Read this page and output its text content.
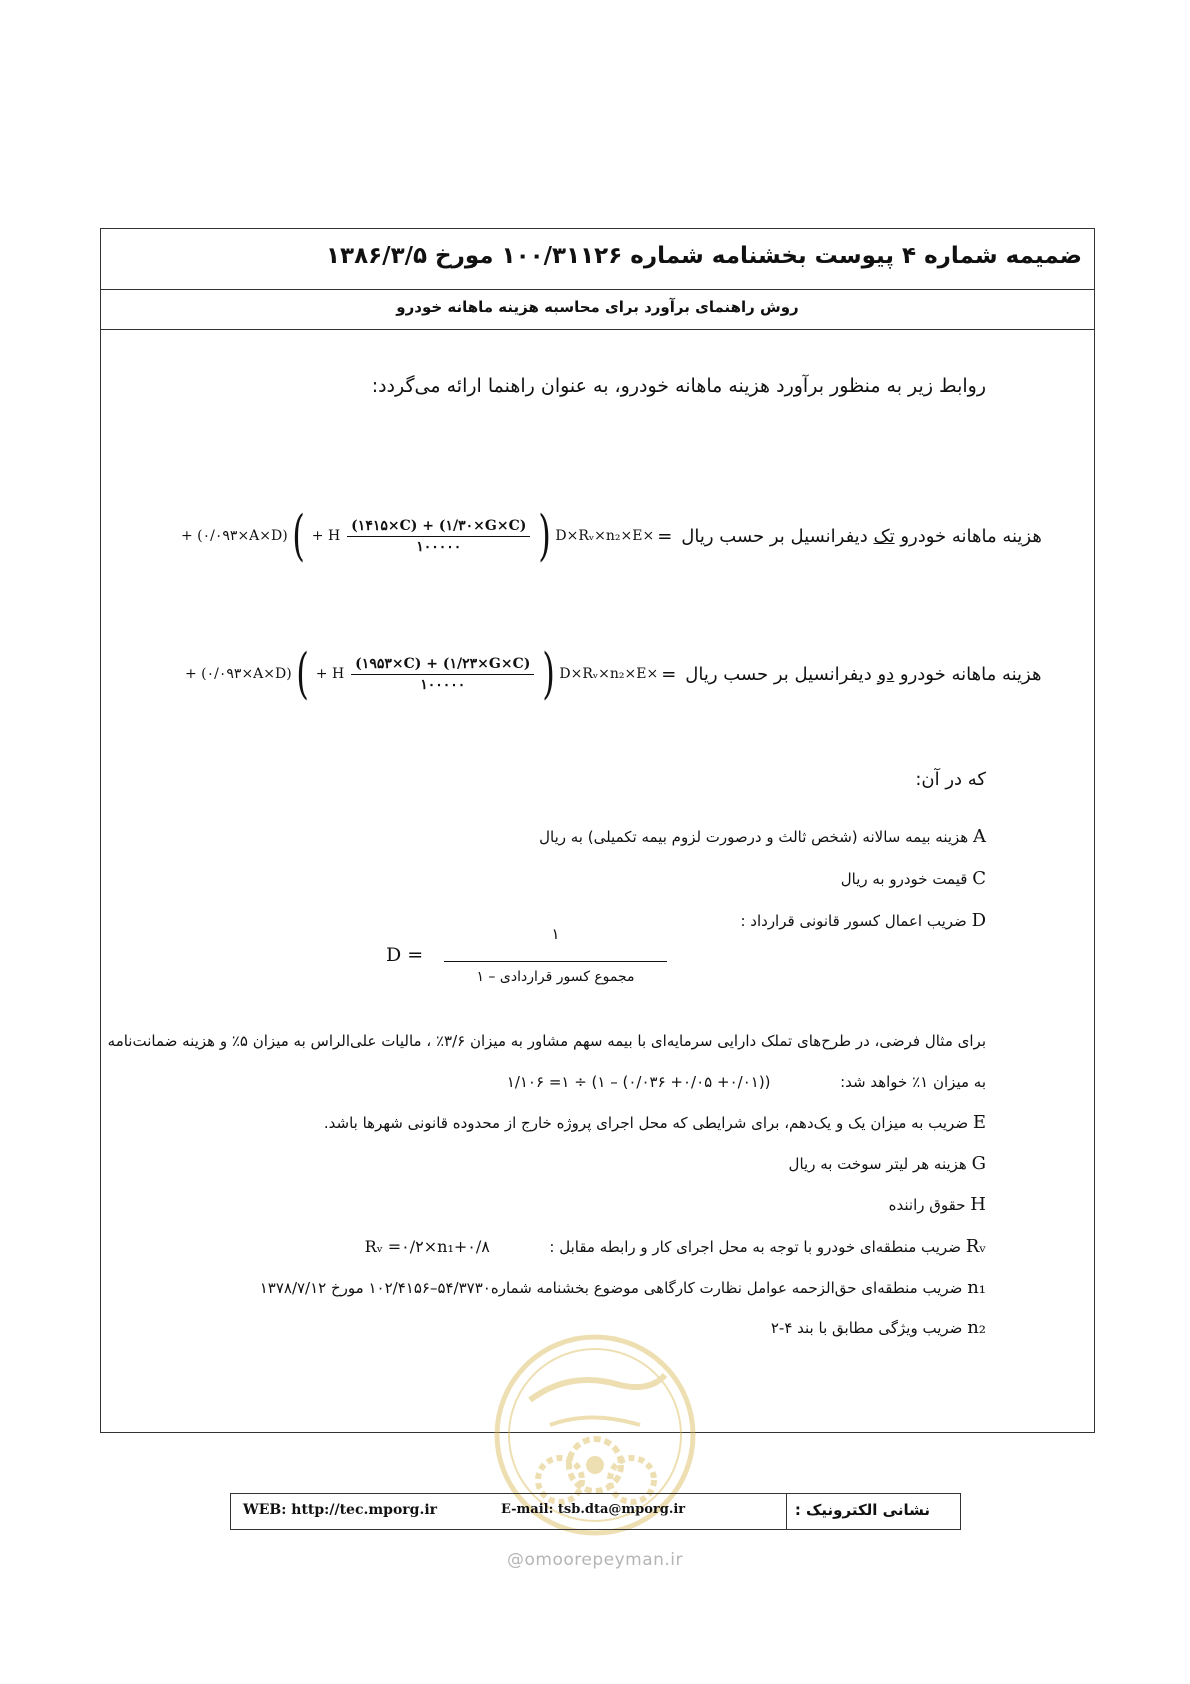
ضمیمه شماره ۴ پیوست بخشنامه شماره ۱۰۰/۳۱۱۲۶ مورخ ۱۳۸۶/۳/۵
روش راهنمای برآورد برای محاسبه هزینه ماهانه خودرو
روابط زیر به منظور برآورد هزینه ماهانه خودرو، به عنوان راهنما ارائه می‌گردد:
+ (۰/۰۹۳×A×D) ( + H $\frac{(۱۴۱۵\times C) + (۱/۳۰\times G\times C)}{۱۰۰۰۰۰}$ ) D×Rᵥ×n₂×E× =	هزینه ماهانه خودرو تک دیفرانسیل بر حسب ریال
+ (۰/۰۹۳×A×D) ( + H $\frac{(۱۹۵۳\times C) + (۱/۲۳\times G\times C)}{۱۰۰۰۰۰}$ ) D×Rᵥ×n₂×E× =	هزینه ماهانه خودرو دو دیفرانسیل بر حسب ریال
که در آن:
A هزینه بیمه سالانه (شخص ثالث و درصورت لزوم بیمه تکمیلی) به ریال
C قیمت خودرو به ریال
D ضریب اعمال کسور قانونی قرارداد :
D =
۱
مجموع کسور قراردادی – ۱
برای مثال فرضی، در طرح‌های تملک دارایی سرمایه‌ای با بیمه سهم مشاور به میزان ۳/۶٪ ، مالیات علی‌الراس به میزان ۵٪ و هزینه ضمانت‌نامه
به میزان ۱٪ خواهد شد:  ((۰/۰۱+ ۰/۰۵+ ۰/۰۳۶) – ۱) ÷ ۱= ۱/۱۰۶
E ضریب به میزان یک و یک‌دهم، برای شرایطی که محل اجرای پروژه خارج از محدوده قانونی شهرها باشد.
G هزینه هر لیتر سوخت به ریال
H حقوق راننده
Rᵥ ضریب منطقه‌ای خودرو با توجه به محل اجرای کار و رابطه مقابل :  Rᵥ =۰/۲×n₁+۰/۸
n₁ ضریب منطقه‌ای حق‌الزحمه عوامل نظارت کارگاهی موضوع بخشنامه شماره۵۴/۳۷۳۰–۱۰۲/۴۱۵۶ مورخ ۱۳۷۸/۷/۱۲
n₂ ضریب ویژگی مطابق با بند ۴-۲
WEB: http://tec.mporg.ir	E-mail: tsb.dta@mporg.ir	نشانی الکترونیک :
@omoorepeyman.ir
